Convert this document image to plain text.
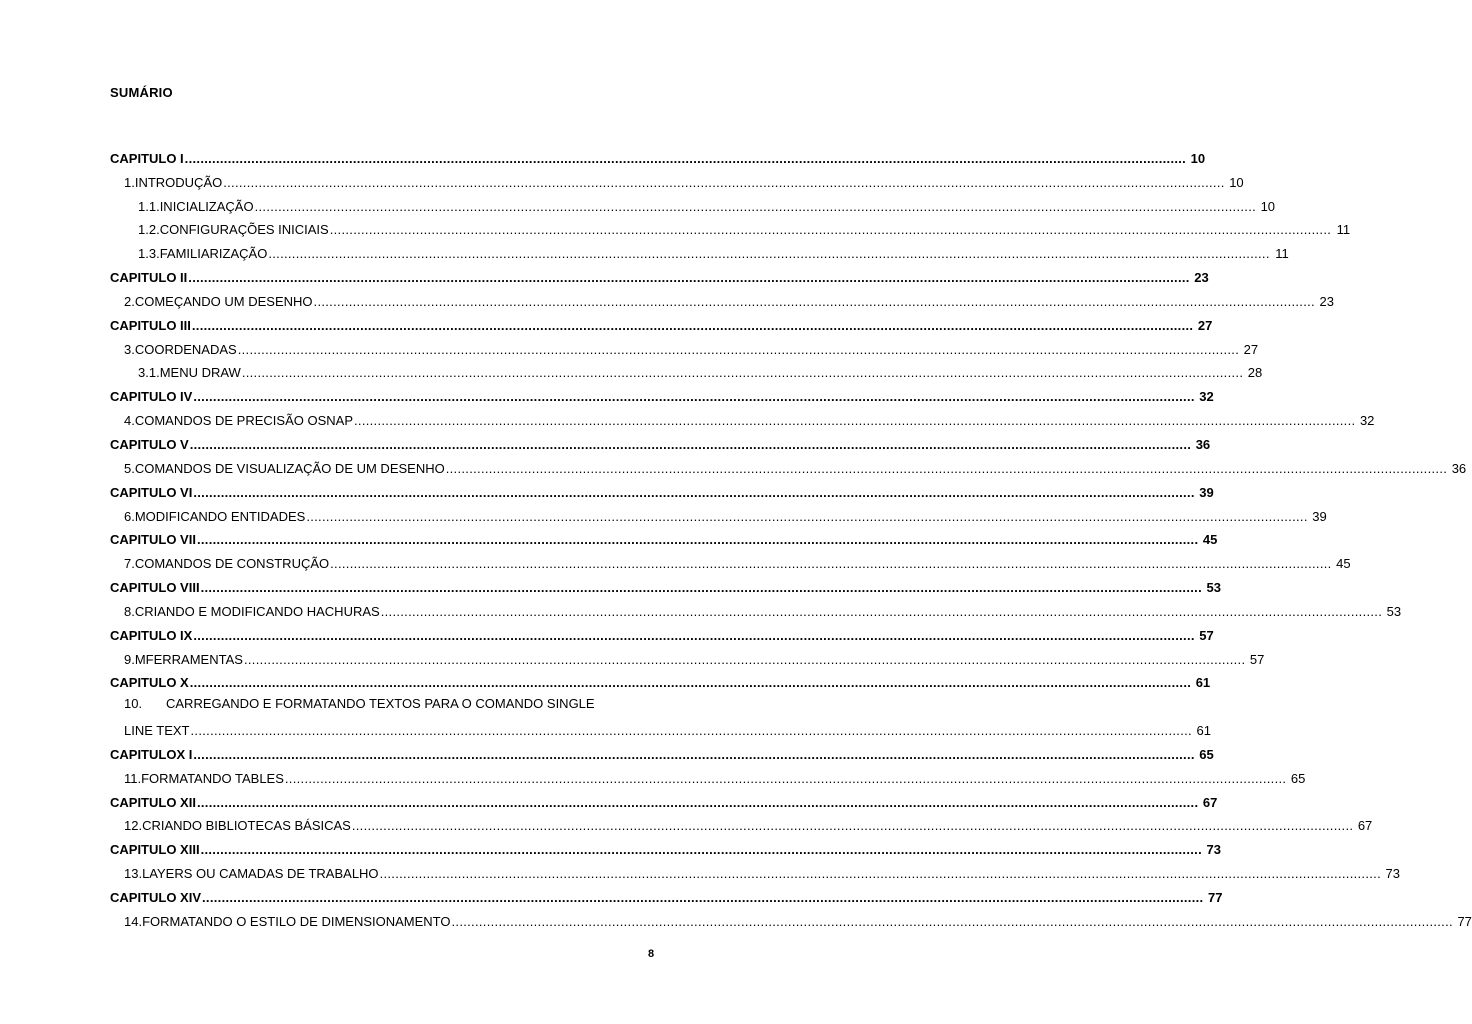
SUMÁRIO
CAPITULO I .....	10
1. INTRODUÇÃO .....	10
1.1. INICIALIZAÇÃO .....	10
1.2. CONFIGURAÇÕES INICIAIS .....	11
1.3. FAMILIARIZAÇÃO .....	11
CAPITULO II .....	23
2. COMEÇANDO UM DESENHO .....	23
CAPITULO III .....	27
3. COORDENADAS .....	27
3.1. MENU DRAW .....	28
CAPITULO IV .....	32
4. COMANDOS DE PRECISÃO OSNAP .....	32
CAPITULO V .....	36
5. COMANDOS DE VISUALIZAÇÃO DE UM DESENHO .....	36
CAPITULO VI .....	39
6. MODIFICANDO ENTIDADES .....	39
CAPITULO VII .....	45
7. COMANDOS DE CONSTRUÇÃO .....	45
CAPITULO VIII .....	53
8. CRIANDO E MODIFICANDO HACHURAS .....	53
CAPITULO IX .....	57
9. MFERRAMENTAS .....	57
CAPITULO X .....	61
10. CARREGANDO E FORMATANDO TEXTOS PARA O COMANDO SINGLE
LINE TEXT .....	61
CAPITULOX I .....	65
11. FORMATANDO TABLES .....	65
CAPITULO XII .....	67
12. CRIANDO BIBLIOTECAS BÁSICAS .....	67
CAPITULO XIII .....	73
13. LAYERS OU CAMADAS DE TRABALHO .....	73
CAPITULO XIV .....	77
14. FORMATANDO O ESTILO DE DIMENSIONAMENTO .....	77
8
